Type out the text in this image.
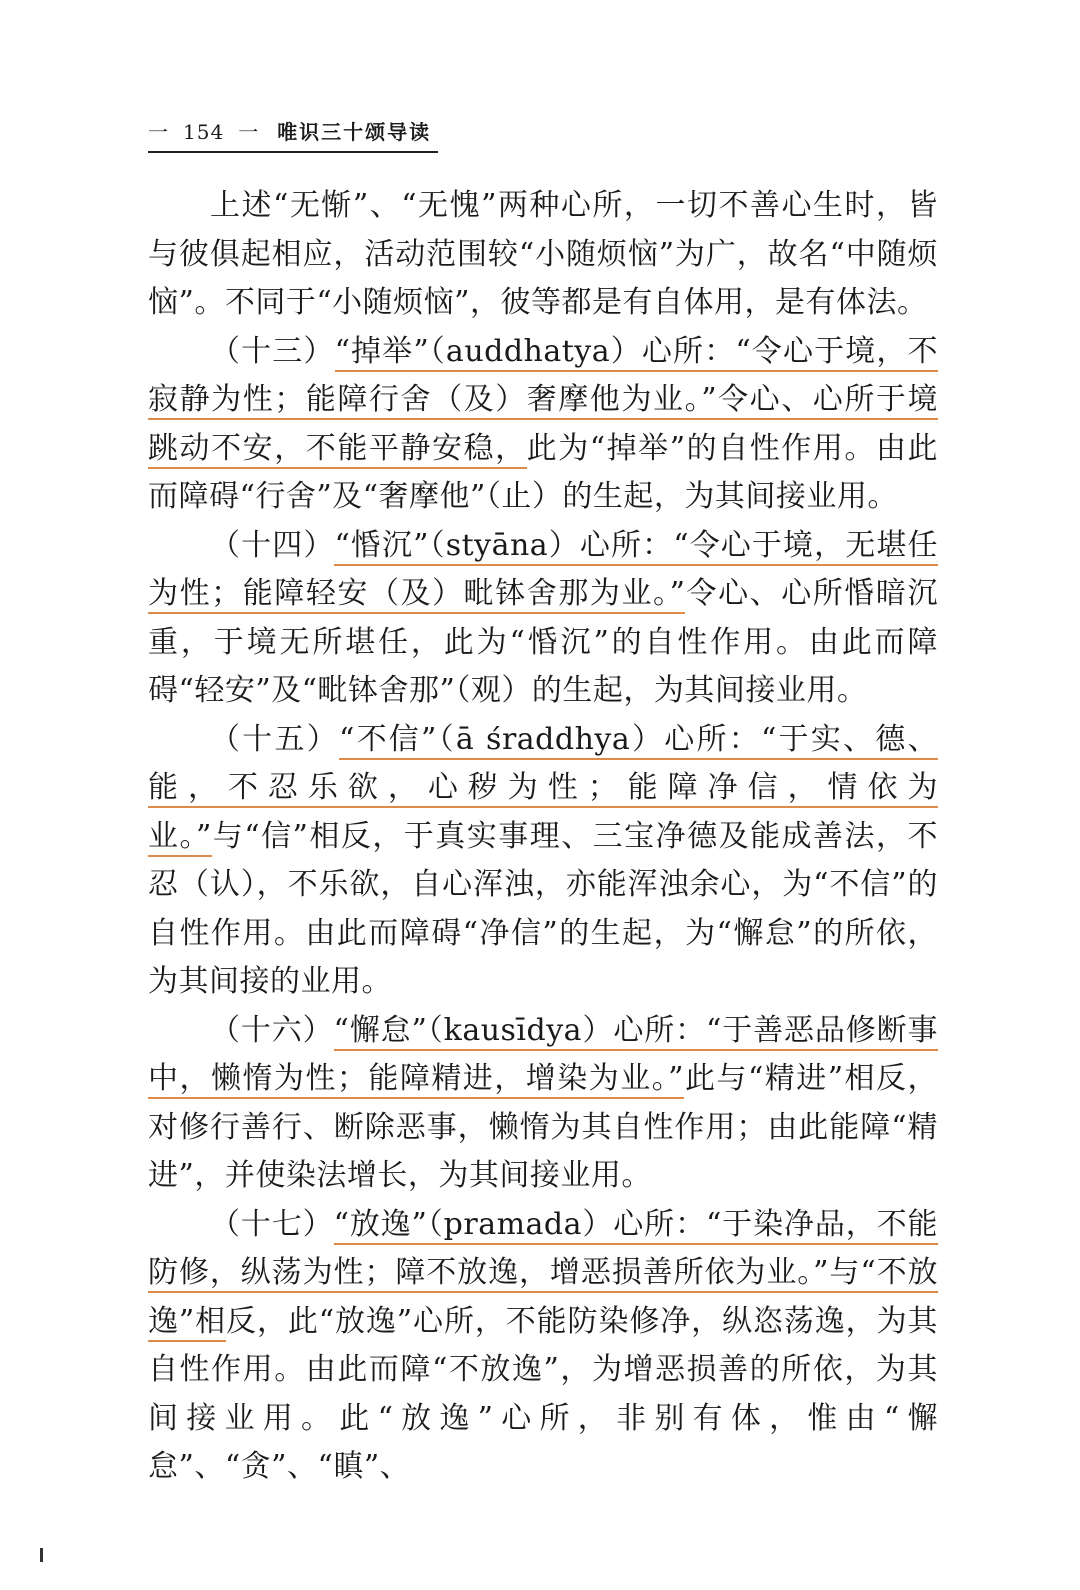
一 154 一 唯识三十颂导读

上述“无惭”、“无愧”两种心所，一切不善心生时，皆与彼俱起相应，活动范围较“小随烦恼”为广，故名“中随烦恼”。不同于“小随烦恼”，彼等都是有自体用，是有体法。

（十三）“掉举”（auddhatya）心所：“令心于境，不寂静为性；能障行舍（及）奢摩他为业。”令心、心所于境跳动不安，不能平静安稳，此为“掉举”的自性作用。由此而障碍“行舍”及“奢摩他”（止）的生起，为其间接业用。

（十四）“惛沉”（styāna）心所：“令心于境，无堪任为性；能障轻安（及）毗钵舍那为业。”令心、心所惛暗沉重，于境无所堪任，此为“惛沉”的自性作用。由此而障碍“轻安”及“毗钵舍那”（观）的生起，为其间接业用。

（十五）“不信”（ā śraddhya）心所：“于实、德、能，不忍乐欲，心秽为性；能障净信，情依为业。”与“信”相反，于真实事理、三宝净德及能成善法，不忍（认），不乐欲，自心浑浊，亦能浑浊余心，为“不信”的自性作用。由此而障碍“净信”的生起，为“懈怠”的所依，为其间接的业用。

（十六）“懈怠”（kausīdya）心所：“于善恶品修断事中，懒惰为性；能障精进，增染为业。”此与“精进”相反，对修行善行、断除恶事，懒惰为其自性作用；由此能障“精进”，并使染法增长，为其间接业用。

（十七）“放逸”（pramada）心所：“于染净品，不能防修，纵荡为性；障不放逸，增恶损善所依为业。”与“不放逸”相反，此“放逸”心所，不能防染修净，纵恣荡逸，为其自性作用。由此而障“不放逸”，为增恶损善的所依，为其间接业用。此“放逸”心所，非别有体，惟由“懈怠”、“贪”、“瞋”、
